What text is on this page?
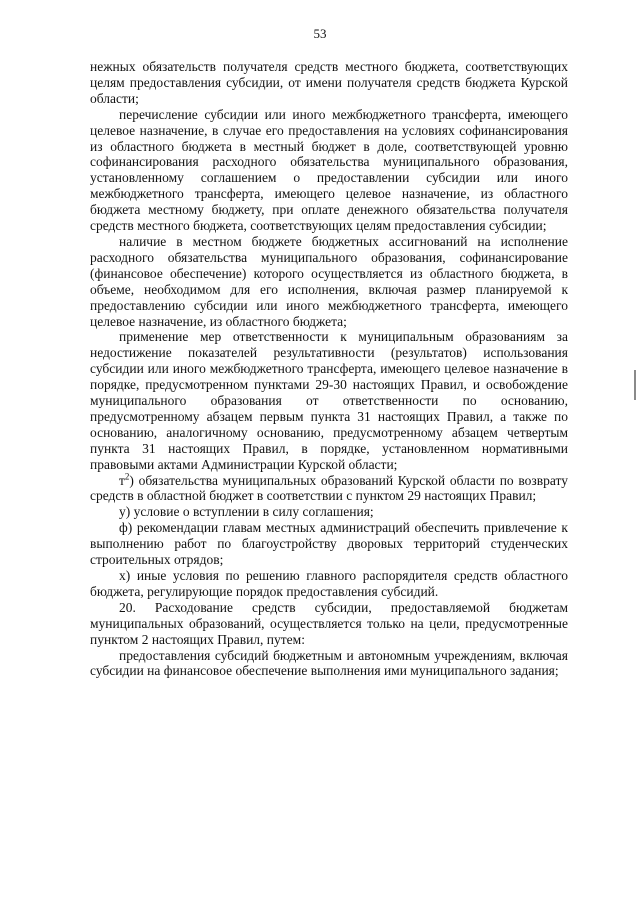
53

нежных обязательств получателя средств местного бюджета, соответствующих целям предоставления субсидии, от имени получателя средств бюджета Курской области;

перечисление субсидии или иного межбюджетного трансферта, имеющего целевое назначение, в случае его предоставления на условиях софинансирования из областного бюджета в местный бюджет в доле, соответствующей уровню софинансирования расходного обязательства муниципального образования, установленному соглашением о предоставлении субсидии или иного межбюджетного трансферта, имеющего целевое назначение, из областного бюджета местному бюджету, при оплате денежного обязательства получателя средств местного бюджета, соответствующих целям предоставления субсидии;

наличие в местном бюджете бюджетных ассигнований на исполнение расходного обязательства муниципального образования, софинансирование (финансовое обеспечение) которого осуществляется из областного бюджета, в объеме, необходимом для его исполнения, включая размер планируемой к предоставлению субсидии или иного межбюджетного трансферта, имеющего целевое назначение, из областного бюджета;

применение мер ответственности к муниципальным образованиям за недостижение показателей результативности (результатов) использования субсидии или иного межбюджетного трансферта, имеющего целевое назначение в порядке, предусмотренном пунктами 29-30 настоящих Правил, и освобождение муниципального образования от ответственности по основанию, предусмотренному абзацем первым пункта 31 настоящих Правил, а также по основанию, аналогичному основанию, предусмотренному абзацем четвертым пункта 31 настоящих Правил, в порядке, установленном нормативными правовыми актами Администрации Курской области;

$т^2$) обязательства муниципальных образований Курской области по возврату средств в областной бюджет в соответствии с пунктом 29 настоящих Правил;

у) условие о вступлении в силу соглашения;

ф) рекомендации главам местных администраций обеспечить привлечение к выполнению работ по благоустройству дворовых территорий студенческих строительных отрядов;

х) иные условия по решению главного распорядителя средств областного бюджета, регулирующие порядок предоставления субсидий.

20. Расходование средств субсидии, предоставляемой бюджетам муниципальных образований, осуществляется только на цели, предусмотренные пунктом 2 настоящих Правил, путем:

предоставления субсидий бюджетным и автономным учреждениям, включая субсидии на финансовое обеспечение выполнения ими муниципального задания;
